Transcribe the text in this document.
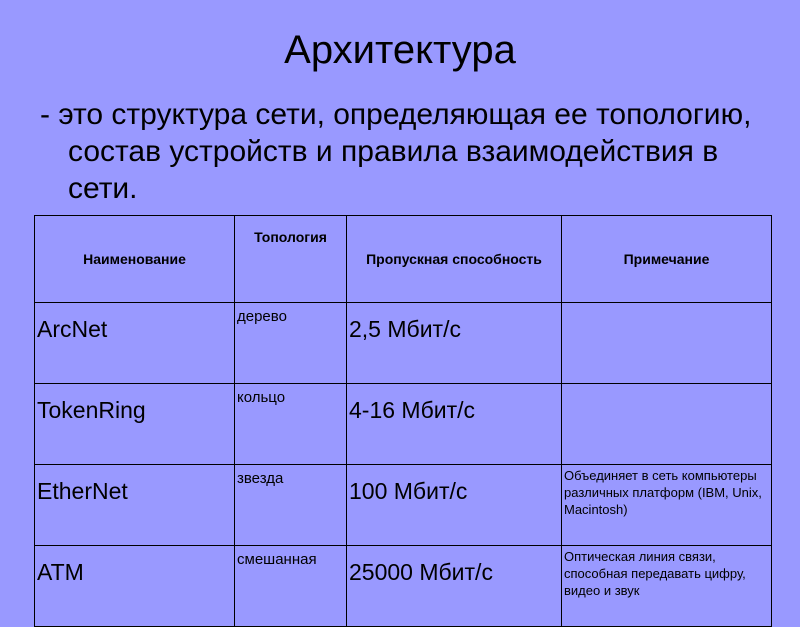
Архитектура
- это структура сети, определяющая ее топологию, состав устройств и правила взаимодействия в сети.
Наименование	Топология	Пропускная способность	Примечание
ArcNet	дерево	2,5 Мбит/с	
TokenRing	кольцо	4-16 Мбит/с	
EtherNet	звезда	100 Мбит/с	Объединяет в сеть компьютеры различных платформ (IBM, Unix, Macintosh)
ATM	смешанная	25000 Мбит/с	Оптическая линия связи, способная передавать цифру, видео и звук
